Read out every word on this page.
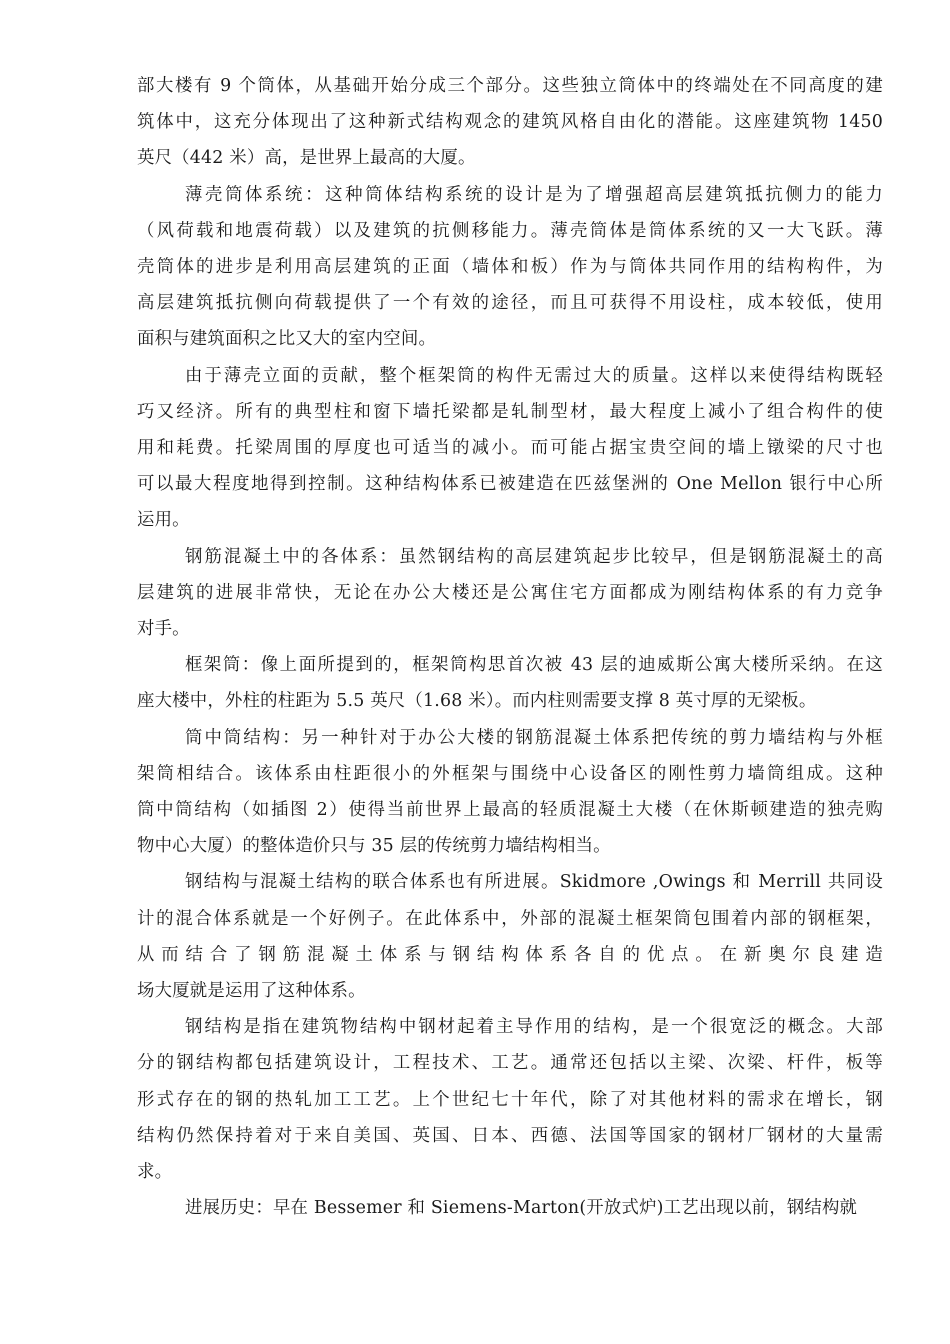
部大楼有 9 个筒体，从基础开始分成三个部分。这些独立筒体中的终端处在不同高度的建
筑体中，这充分体现出了这种新式结构观念的建筑风格自由化的潜能。这座建筑物 1450
英尺（442 米）高，是世界上最高的大厦。
薄壳筒体系统：这种筒体结构系统的设计是为了增强超高层建筑抵抗侧力的能力
（风荷载和地震荷载）以及建筑的抗侧移能力。薄壳筒体是筒体系统的又一大飞跃。薄
壳筒体的进步是利用高层建筑的正面（墙体和板）作为与筒体共同作用的结构构件，为
高层建筑抵抗侧向荷载提供了一个有效的途径，而且可获得不用设柱，成本较低，使用
面积与建筑面积之比又大的室内空间。
由于薄壳立面的贡献，整个框架筒的构件无需过大的质量。这样以来使得结构既轻
巧又经济。所有的典型柱和窗下墙托梁都是轧制型材，最大程度上减小了组合构件的使
用和耗费。托梁周围的厚度也可适当的减小。而可能占据宝贵空间的墙上镦梁的尺寸也
可以最大程度地得到控制。这种结构体系已被建造在匹兹堡洲的 One Mellon 银行中心所
运用。
钢筋混凝土中的各体系：虽然钢结构的高层建筑起步比较早，但是钢筋混凝土的高
层建筑的进展非常快，无论在办公大楼还是公寓住宅方面都成为刚结构体系的有力竞争
对手。
框架筒：像上面所提到的，框架筒构思首次被 43 层的迪威斯公寓大楼所采纳。在这
座大楼中，外柱的柱距为 5.5 英尺（1.68 米）。而内柱则需要支撑 8 英寸厚的无梁板。
筒中筒结构：另一种针对于办公大楼的钢筋混凝土体系把传统的剪力墙结构与外框
架筒相结合。该体系由柱距很小的外框架与围绕中心设备区的刚性剪力墙筒组成。这种
筒中筒结构（如插图 2）使得当前世界上最高的轻质混凝土大楼（在休斯顿建造的独壳购
物中心大厦）的整体造价只与 35 层的传统剪力墙结构相当。
钢结构与混凝土结构的联合体系也有所进展。Skidmore ,Owings 和 Merrill 共同设
计的混合体系就是一个好例子。在此体系中，外部的混凝土框架筒包围着内部的钢框架，
从而结合了钢筋混凝土体系与钢结构体系各自的优点。在新奥尔良建造
场大厦就是运用了这种体系。
钢结构是指在建筑物结构中钢材起着主导作用的结构，是一个很宽泛的概念。大部
分的钢结构都包括建筑设计，工程技术、工艺。通常还包括以主梁、次梁、杆件，板等
形式存在的钢的热轧加工工艺。上个世纪七十年代，除了对其他材料的需求在增长，钢
结构仍然保持着对于来自美国、英国、日本、西德、法国等国家的钢材厂钢材的大量需
求。
进展历史：早在 Bessemer 和 Siemens-Marton(开放式炉)工艺出现以前，钢结构就
